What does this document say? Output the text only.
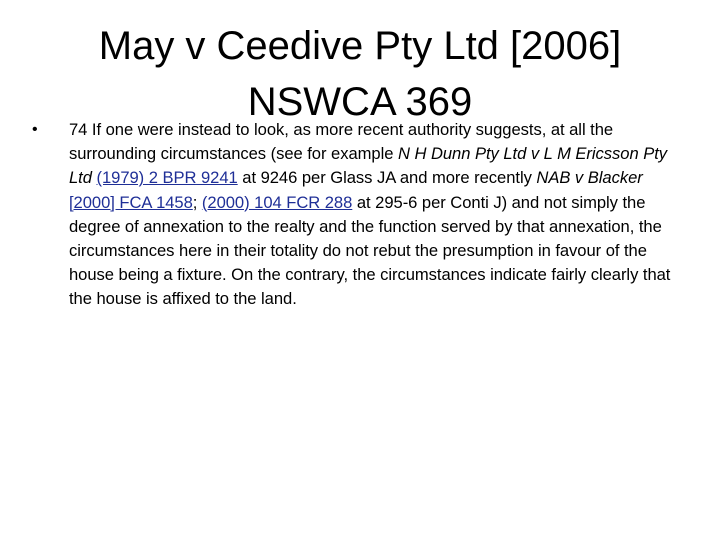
May v Ceedive Pty Ltd [2006]
NSWCA 369
• 74 If one were instead to look, as more recent authority suggests, at all the surrounding circumstances (see for example N H Dunn Pty Ltd v L M Ericsson Pty Ltd (1979) 2 BPR 9241 at 9246 per Glass JA and more recently NAB v Blacker [2000] FCA 1458; (2000) 104 FCR 288 at 295-6 per Conti J) and not simply the degree of annexation to the realty and the function served by that annexation, the circumstances here in their totality do not rebut the presumption in favour of the house being a fixture. On the contrary, the circumstances indicate fairly clearly that the house is affixed to the land.
